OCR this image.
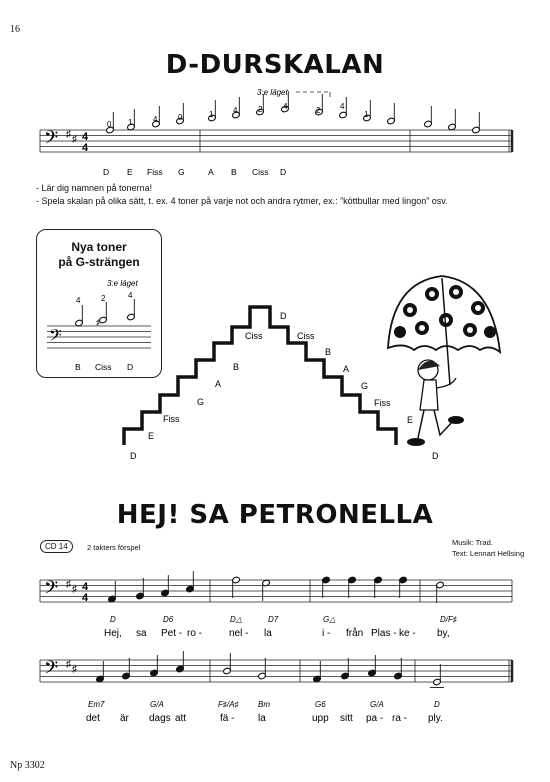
16
D-DURSKALAN
3:e läget
𝄢 ♯ ♯ 4
4
0 1	4	0	1 4	2	4	2 4
1
D E Fiss G	A B Ciss D
- Lär dig namnen på tonerna!
- Spela skalan på olika sätt, t. ex. 4 toner på varje not och andra rytmer, ex.: ”köttbullar med lingon” osv.
Nya toner
på G-strängen
3:e läget
𝄢
♯
4	2	4
B Ciss D
D
E
Fiss
G
A
B
Ciss
D
Ciss
B
A
G
Fiss
E
D
HEJ! SA PETRONELLA
CD 14	2 takters förspel
Musik: Trad.
Text: Lennart Hellsing
𝄢 ♯ ♯ 4
4
D	D6	D△	D7	G△	D/F♯
Hej, sa Pet - ro -	nel - la	i - från Plas - ke - by,
𝄢 ♯ ♯
Em7	G/A	F♯/A♯ Bm	G6	G/A	D
det är dags att	fä - la	upp sitt pa - ra - ply.
Np 3302
